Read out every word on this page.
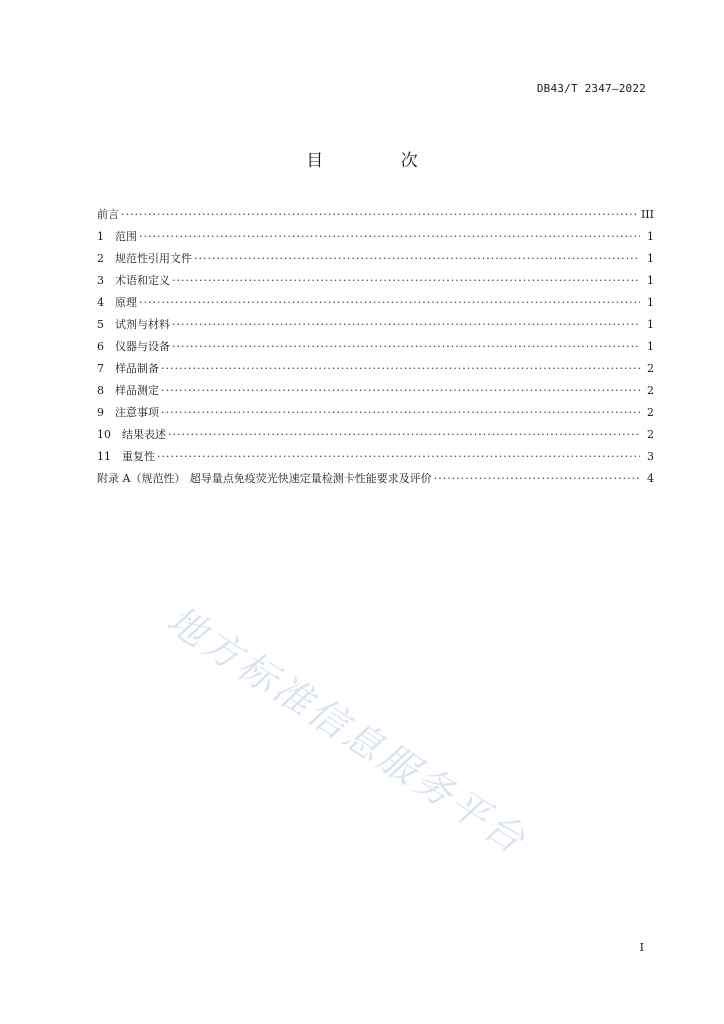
DB43/T 2347—2022
目 次
前言 ·····	III
1	范围 ·····	1
2	规范性引用文件 ·····	1
3	术语和定义 ·····	1
4	原理 ·····	1
5	试剂与材料 ·····	1
6	仪器与设备 ·····	1
7	样品制备 ·····	2
8	样品测定 ·····	2
9	注意事项 ·····	2
10	结果表述 ·····	2
11	重复性 ·····	3
附录 A（规范性） 超导量点免疫荧光快速定量检测卡性能要求及评价 ·····	4
地方标准信息服务平台
I
